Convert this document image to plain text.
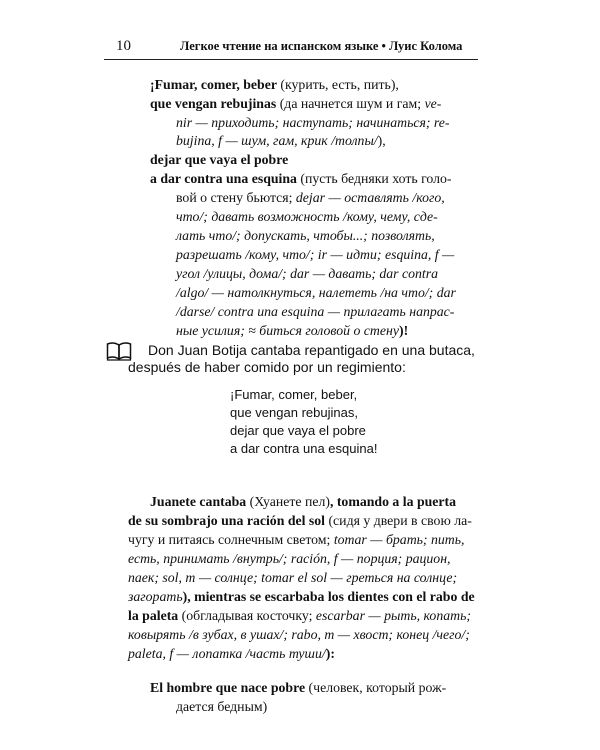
10	Легкое чтение на испанском языке • Луис Колома
¡Fumar, comer, beber (курить, есть, пить),
que vengan rebujinas (да начнется шум и гам; ve-
nir — приходить; наступать; начинаться; re-
bujina, f — шум, гам, крик /толпы/),
dejar que vaya el pobre
a dar contra una esquina (пусть бедняки хоть голо-
вой о стену бьются; dejar — оставлять /кого,
что/; давать возможность /кому, чему, сде-
лать что/; допускать, чтобы...; позволять,
разрешать /кому, что/; ir — идти; esquina, f —
угол /улицы, дома/; dar — давать; dar contra
/algo/ — натолкнуться, налететь /на что/; dar
/darse/ contra una esquina — прилагать напрас-
ные усилия; ≈ биться головой о стену)!
Don Juan Botija cantaba repantigado en una butaca,
después de haber comido por un regimiento:
¡Fumar, comer, beber,
que vengan rebujinas,
dejar que vaya el pobre
a dar contra una esquina!
Juanete cantaba (Хуанете пел), tomando a la puerta
de su sombrajo una ración del sol (сидя у двери в свою ла-
чугу и питаясь солнечным светом; tomar — брать; пить,
есть, принимать /внутрь/; ración, f — порция; рацион,
паек; sol, m — солнце; tomar el sol — греться на солнце;
загорать), mientras se escarbaba los dientes con el rabo de
la paleta (обгладывая косточку; escarbar — рыть, копать;
ковырять /в зубах, в ушах/; rabo, m — хвост; конец /чего/;
paleta, f — лопатка /часть туши/):
El hombre que nace pobre (человек, который рож-
дается бедным)
